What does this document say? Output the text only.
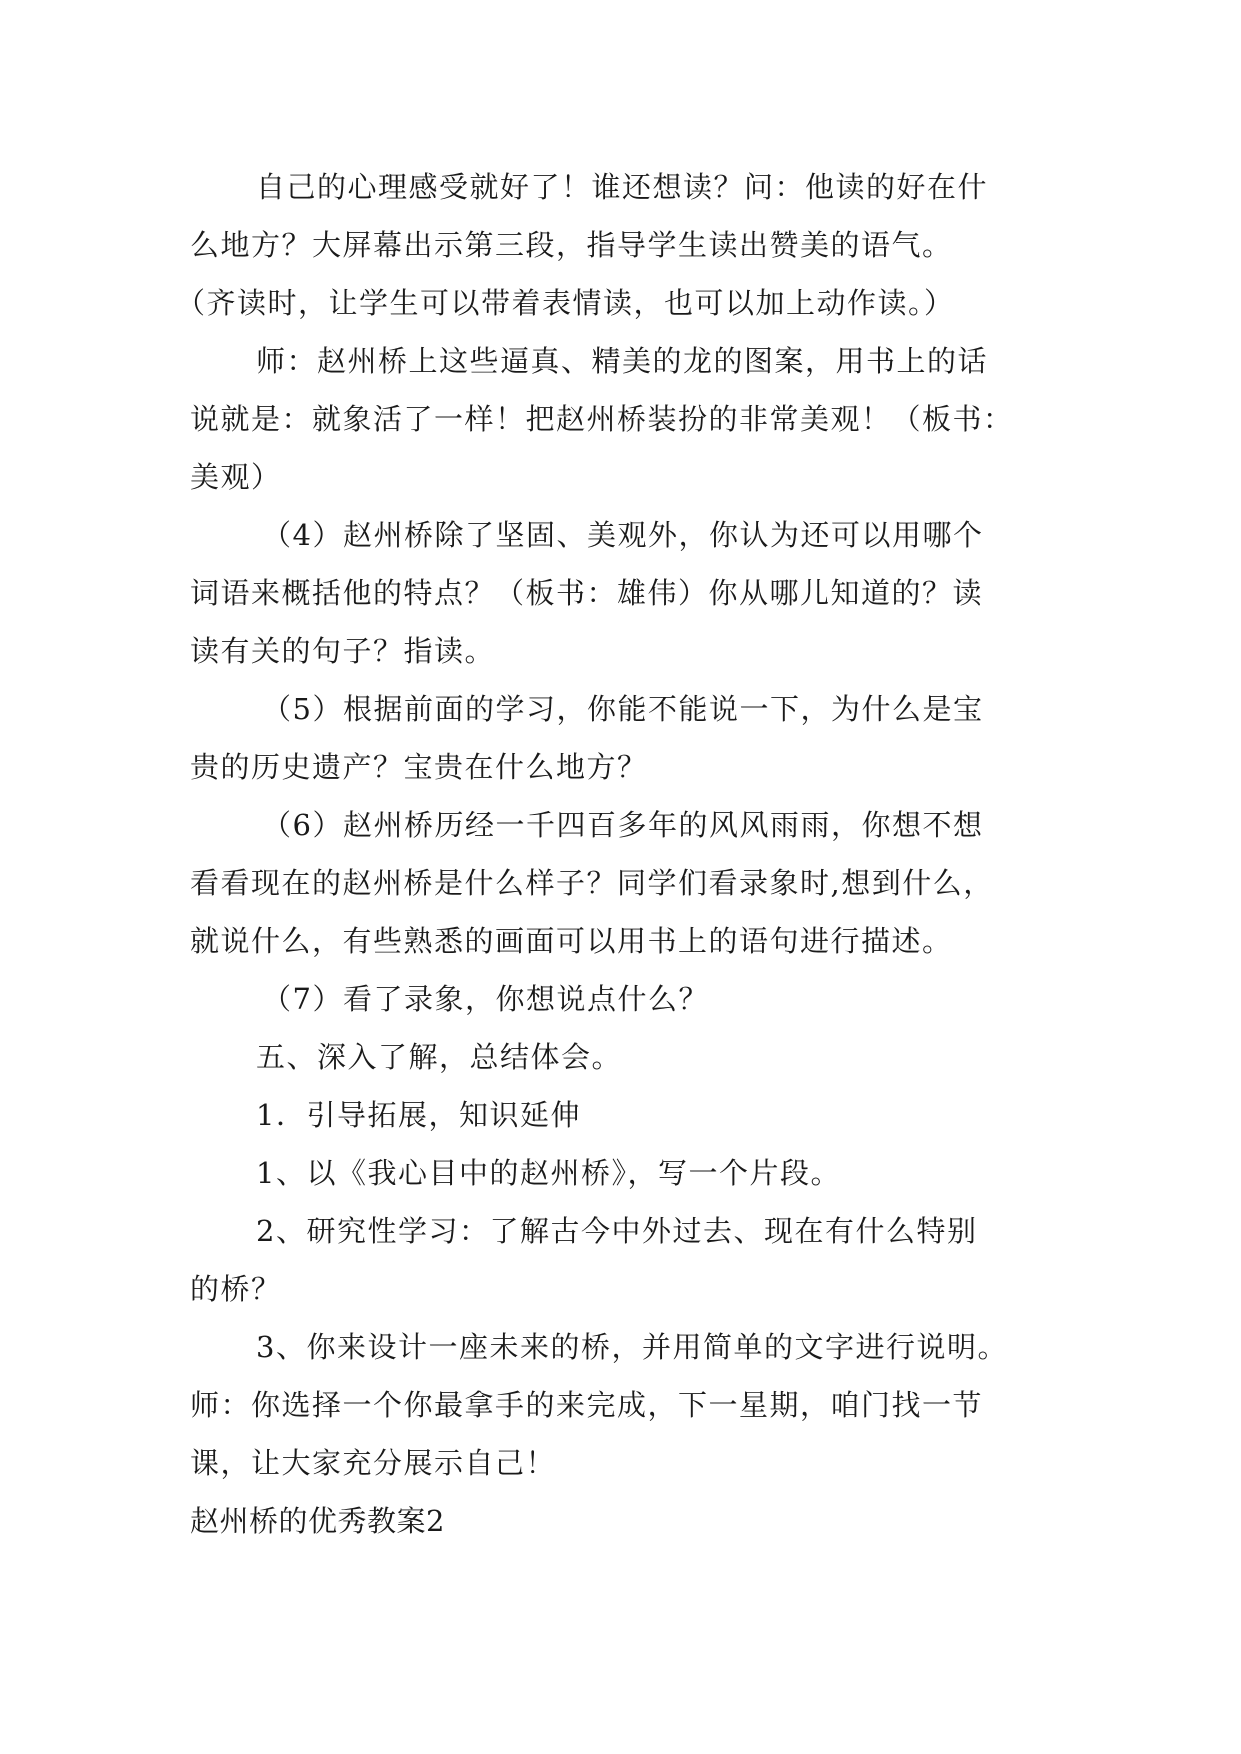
自己的心理感受就好了！谁还想读？问：他读的好在什
么地方？大屏幕出示第三段，指导学生读出赞美的语气。
（齐读时，让学生可以带着表情读，也可以加上动作读。）
师：赵州桥上这些逼真、精美的龙的图案，用书上的话
说就是：就象活了一样！把赵州桥装扮的非常美观！（板书：
美观）
（4）赵州桥除了坚固、美观外，你认为还可以用哪个
词语来概括他的特点？（板书：雄伟）你从哪儿知道的？读
读有关的句子？指读。
（5）根据前面的学习，你能不能说一下，为什么是宝
贵的历史遗产？宝贵在什么地方？
（6）赵州桥历经一千四百多年的风风雨雨，你想不想
看看现在的赵州桥是什么样子？同学们看录象时,想到什么，
就说什么，有些熟悉的画面可以用书上的语句进行描述。
（7）看了录象，你想说点什么？
五、深入了解，总结体会。
1．引导拓展，知识延伸
1、以《我心目中的赵州桥》，写一个片段。
2、研究性学习：了解古今中外过去、现在有什么特别
的桥？
3、你来设计一座未来的桥，并用简单的文字进行说明。
师：你选择一个你最拿手的来完成，下一星期，咱门找一节
课，让大家充分展示自己！
赵州桥的优秀教案2
